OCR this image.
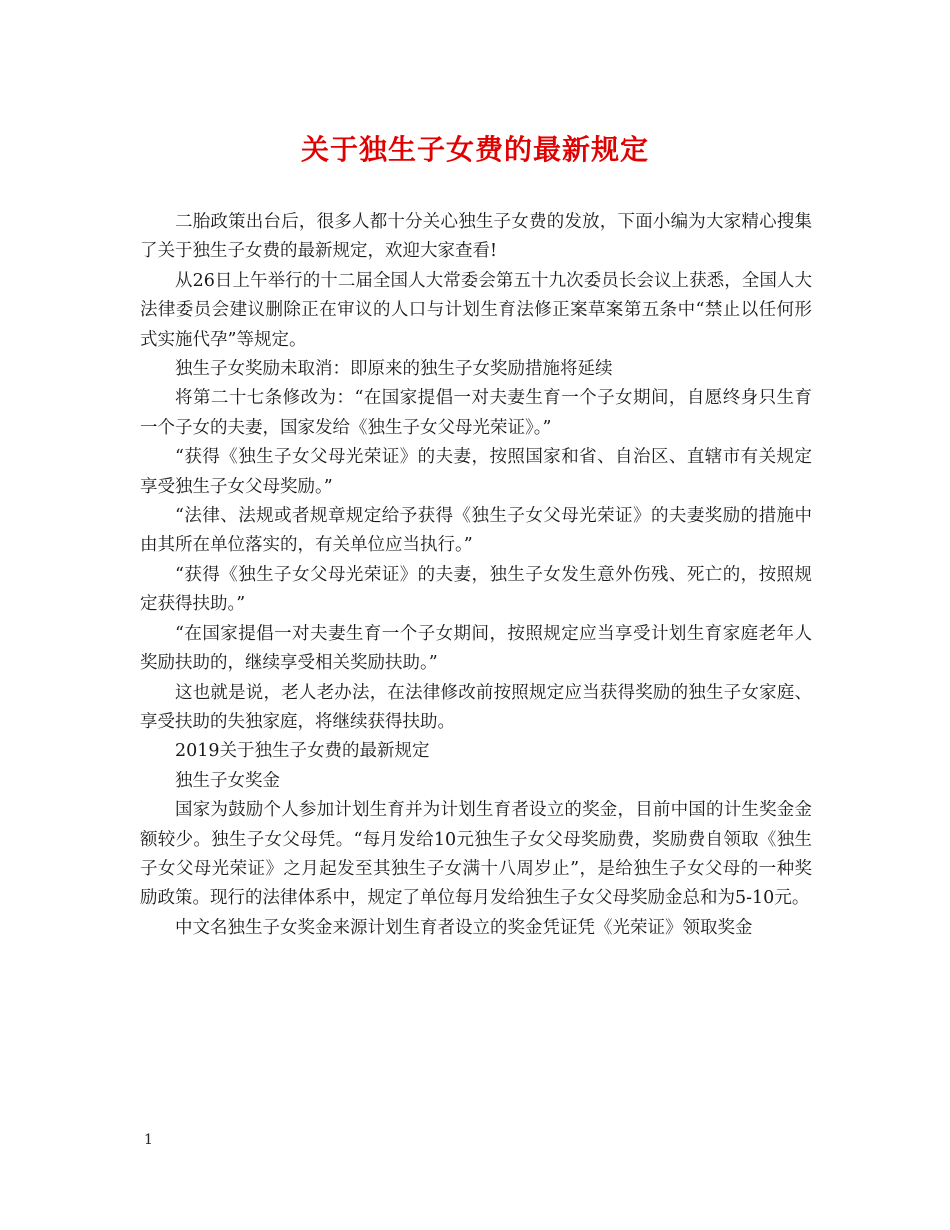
关于独生子女费的最新规定

二胎政策出台后，很多人都十分关心独生子女费的发放，下面小编为大家精心搜集了关于独生子女费的最新规定，欢迎大家查看!

从26日上午举行的十二届全国人大常委会第五十九次委员长会议上获悉，全国人大法律委员会建议删除正在审议的人口与计划生育法修正案草案第五条中“禁止以任何形式实施代孕”等规定。

独生子女奖励未取消：即原来的独生子女奖励措施将延续

将第二十七条修改为：“在国家提倡一对夫妻生育一个子女期间，自愿终身只生育一个子女的夫妻，国家发给《独生子女父母光荣证》。”

“获得《独生子女父母光荣证》的夫妻，按照国家和省、自治区、直辖市有关规定享受独生子女父母奖励。”

“法律、法规或者规章规定给予获得《独生子女父母光荣证》的夫妻奖励的措施中由其所在单位落实的，有关单位应当执行。”

“获得《独生子女父母光荣证》的夫妻，独生子女发生意外伤残、死亡的，按照规定获得扶助。”

“在国家提倡一对夫妻生育一个子女期间，按照规定应当享受计划生育家庭老年人奖励扶助的，继续享受相关奖励扶助。”

这也就是说，老人老办法，在法律修改前按照规定应当获得奖励的独生子女家庭、享受扶助的失独家庭，将继续获得扶助。

2019关于独生子女费的最新规定

独生子女奖金

国家为鼓励个人参加计划生育并为计划生育者设立的奖金，目前中国的计生奖金金额较少。独生子女父母凭。“每月发给10元独生子女父母奖励费，奖励费自领取《独生子女父母光荣证》之月起发至其独生子女满十八周岁止”，是给独生子女父母的一种奖励政策。现行的法律体系中，规定了单位每月发给独生子女父母奖励金总和为5-10元。

中文名独生子女奖金来源计划生育者设立的奖金凭证凭《光荣证》领取奖金

1
